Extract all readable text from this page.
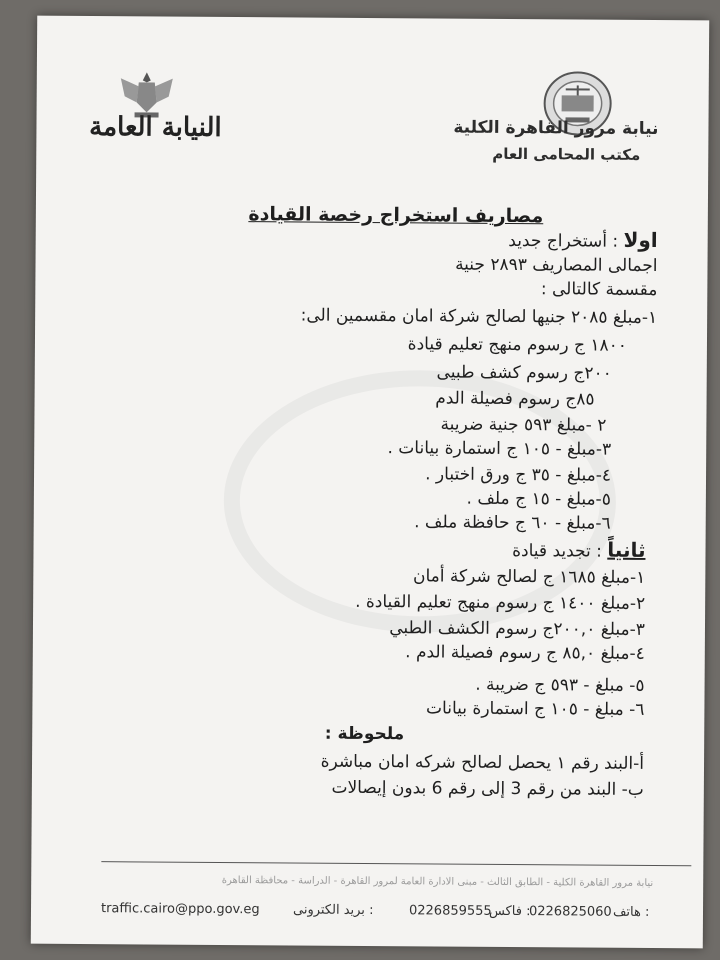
النيابة العامة	نيابة مرور القاهرة الكلية
مكتب المحامى العام
مصاريف استخراج رخصة القيادة
اولا : أستخراج جديد
اجمالى المصاريف ٢٨٩٣ جنية
مقسمة كالتالى :
١-مبلغ ٢٠٨٥ جنيها لصالح شركة امان مقسمين الى:
١٨٠٠ ج رسوم منهج تعليم قيادة
٢٠٠ج رسوم كشف طبيى
٨٥ج رسوم فصيلة الدم
٢ -مبلغ ٥٩٣ جنية ضريبة
٣-مبلغ - ١٠٥ ج استمارة بيانات .
٤-مبلغ - ٣٥ ج ورق اختبار .
٥-مبلغ - ١٥ ج ملف .
٦-مبلغ - ٦٠ ج حافظة ملف .
ثانياً : تجديد قيادة
١-مبلغ ١٦٨٥ ج لصالح شركة أمان
٢-مبلغ ١٤٠٠ ج رسوم منهج تعليم القيادة .
٣-مبلغ ٢٠٠,٠ج رسوم الكشف الطبي
٤-مبلغ ٨٥,٠ ج رسوم فصيلة الدم .
٥- مبلغ - ٥٩٣ ج ضريبة .
٦- مبلغ - ١٠٥ ج استمارة بيانات
ملحوظة :
أ-البند رقم ١ يحصل لصالح شركه امان مباشرة
ب- البند من رقم 3 إلى رقم 6 بدون إيصالات
نيابة مرور القاهرة الكلية - الطابق الثالث - مبنى الادارة العامة لمرور القاهرة - الدراسة - محافظة القاهرة
traffic.cairo@ppo.gov.eg	بريد الكترونى :	0226859555
فاكس :
0226825060 هاتف :
